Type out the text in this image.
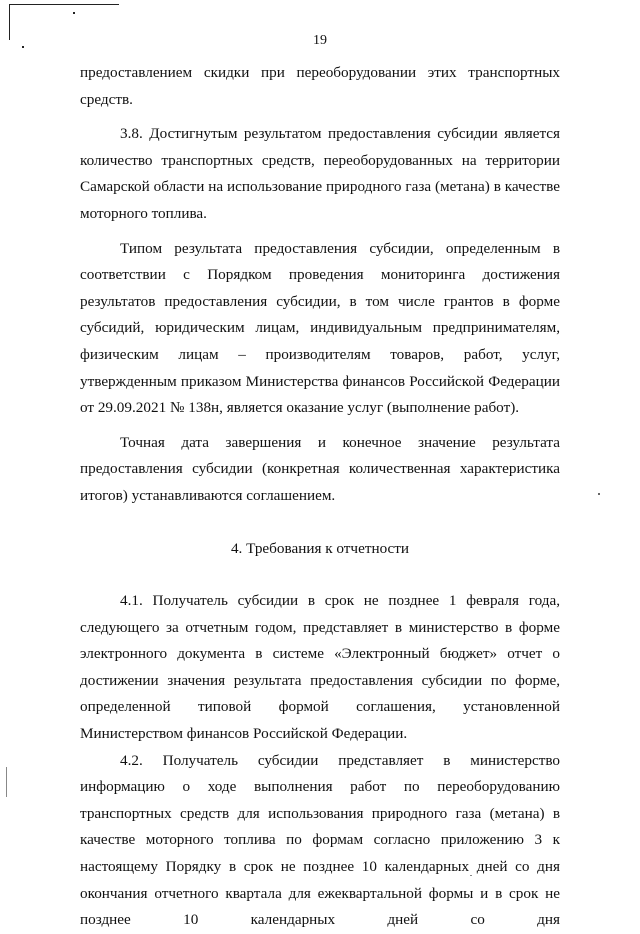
19

предоставлением скидки при переоборудовании этих транспортных средств.

3.8. Достигнутым результатом предоставления субсидии является количество транспортных средств, переоборудованных на территории Самарской области на использование природного газа (метана) в качестве моторного топлива.

Типом результата предоставления субсидии, определенным в соответствии с Порядком проведения мониторинга достижения результатов предоставления субсидии, в том числе грантов в форме субсидий, юридическим лицам, индивидуальным предпринимателям, физическим лицам – производителям товаров, работ, услуг, утвержденным приказом Министерства финансов Российской Федерации от 29.09.2021 № 138н, является оказание услуг (выполнение работ).

Точная дата завершения и конечное значение результата предоставления субсидии (конкретная количественная характеристика итогов) устанавливаются соглашением.

4. Требования к отчетности

4.1. Получатель субсидии в срок не позднее 1 февраля года, следующего за отчетным годом, представляет в министерство в форме электронного документа в системе «Электронный бюджет» отчет о достижении значения результата предоставления субсидии по форме, определенной типовой формой соглашения, установленной Министерством финансов Российской Федерации.

4.2. Получатель субсидии представляет в министерство информацию о ходе выполнения работ по переоборудованию транспортных средств для использования природного газа (метана) в качестве моторного топлива по формам согласно приложению 3 к настоящему Порядку в срок не позднее 10 календарных дней со дня окончания отчетного квартала для ежеквартальной формы и в срок не позднее 10 календарных дней со дня
